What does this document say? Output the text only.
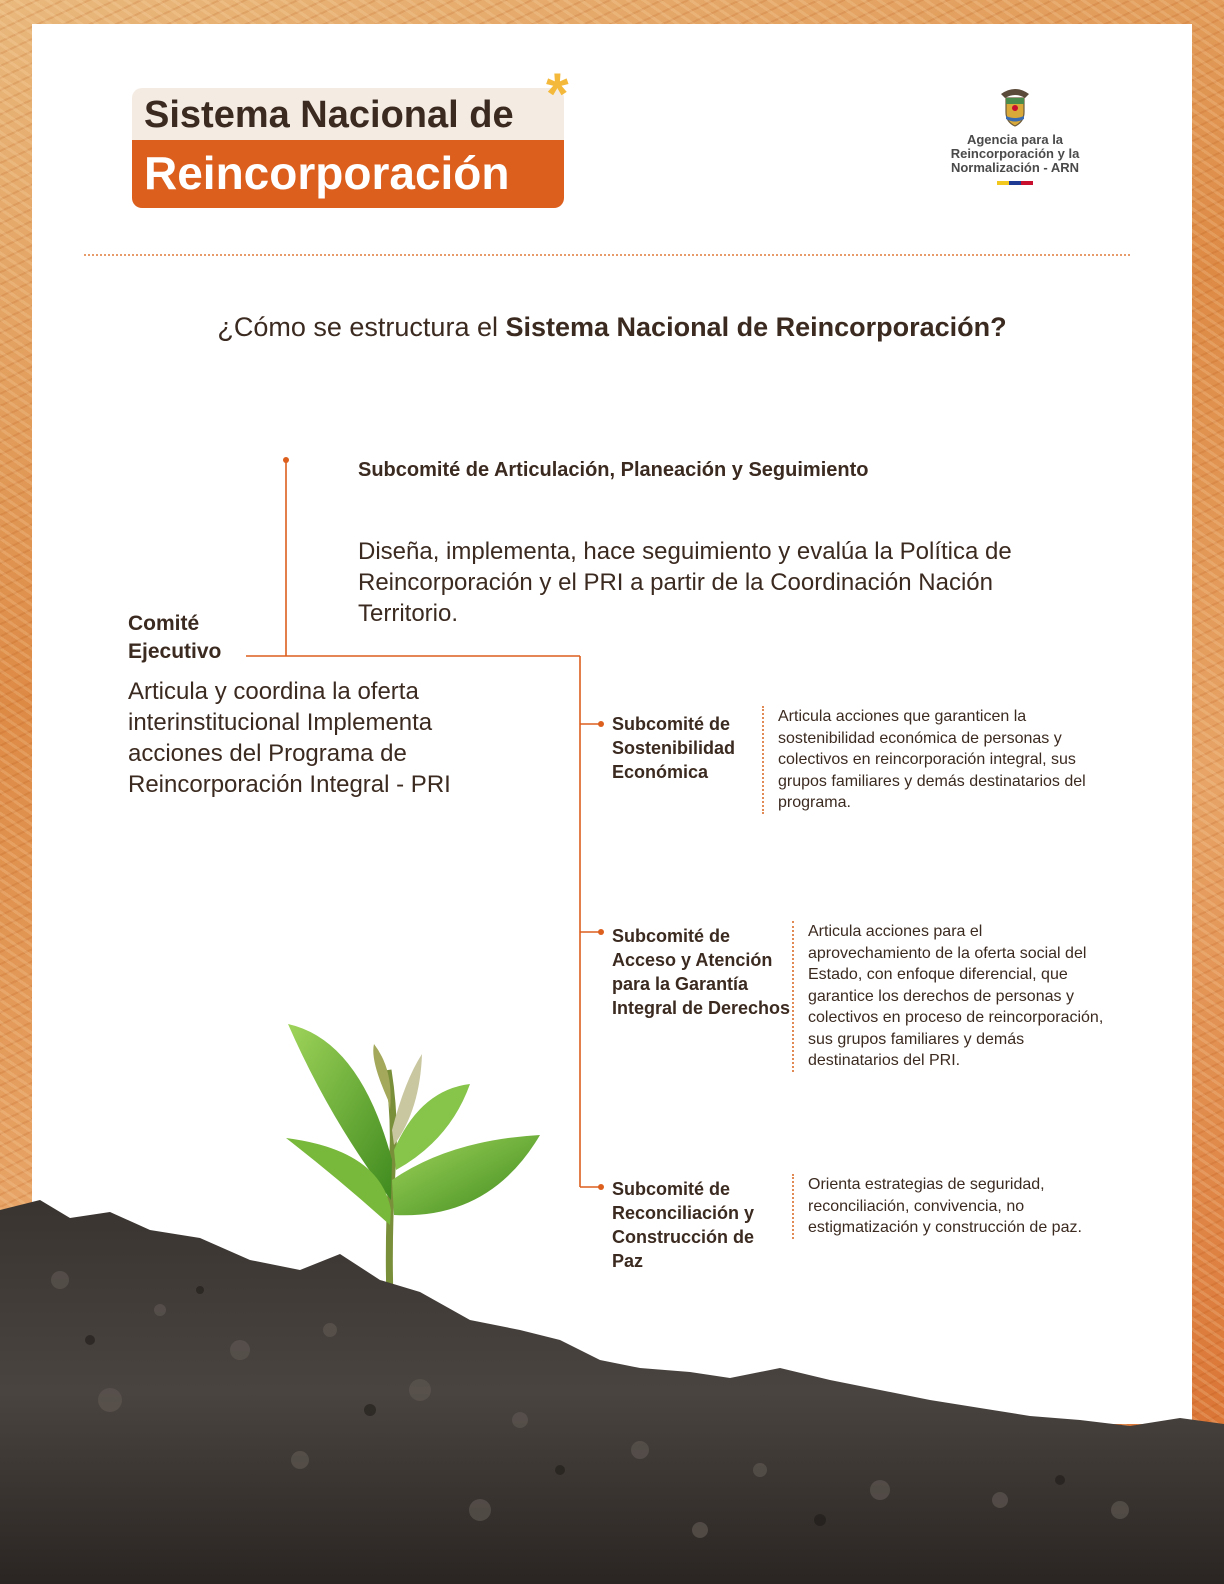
Sistema Nacional de
Reincorporación
*
Agencia para la
Reincorporación y la
Normalización - ARN
¿Cómo se estructura el Sistema Nacional de Reincorporación?
Comité Ejecutivo
Articula y coordina la oferta interinstitucional Implementa acciones del Programa de Reincorporación Integral - PRI
Subcomité de Articulación, Planeación y Seguimiento
Diseña, implementa, hace seguimiento y evalúa la Política de Reincorporación y el PRI a partir de la Coordinación Nación Territorio.
Subcomité de Sostenibilidad Económica
Articula acciones que garanticen la sostenibilidad económica de personas y colectivos en reincorporación integral, sus grupos familiares y demás destinatarios del programa.
Subcomité de Acceso y Atención para la Garantía Integral de Derechos
Articula acciones para el aprovechamiento de la oferta social del Estado, con enfoque diferencial, que garantice los derechos de personas y colectivos en proceso de reincorporación, sus grupos familiares y demás destinatarios del PRI.
Subcomité de Reconciliación y Construcción de Paz
Orienta estrategias de seguridad, reconciliación, convivencia, no estigmatización y construcción de paz.
